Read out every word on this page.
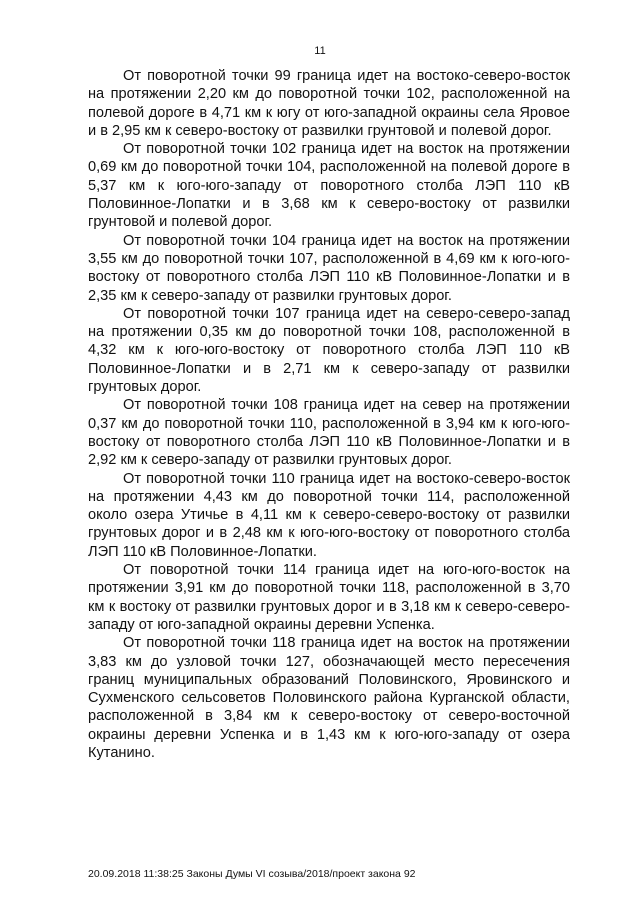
11

От поворотной точки 99 граница идет на востоко-северо-восток на протяжении 2,20 км до поворотной точки 102, расположенной на полевой дороге в 4,71 км к югу от юго-западной окраины села Яровое и в 2,95 км к северо-востоку от развилки грунтовой и полевой дорог.

От поворотной точки 102 граница идет на восток на протяжении 0,69 км до поворотной точки 104, расположенной на полевой дороге в 5,37 км к юго-юго-западу от поворотного столба ЛЭП 110 кВ Половинное-Лопатки и в 3,68 км к северо-востоку от развилки грунтовой и полевой дорог.

От поворотной точки 104 граница идет на восток на протяжении 3,55 км до поворотной точки 107, расположенной в 4,69 км к юго-юго-востоку от поворотного столба ЛЭП 110 кВ Половинное-Лопатки и в 2,35 км к северо-западу от развилки грунтовых дорог.

От поворотной точки 107 граница идет на северо-северо-запад на протяжении 0,35 км до поворотной точки 108, расположенной в 4,32 км к юго-юго-востоку от поворотного столба ЛЭП 110 кВ Половинное-Лопатки и в 2,71 км к северо-западу от развилки грунтовых дорог.

От поворотной точки 108 граница идет на север на протяжении 0,37 км до поворотной точки 110, расположенной в 3,94 км к юго-юго-востоку от поворотного столба ЛЭП 110 кВ Половинное-Лопатки и в 2,92 км к северо-западу от развилки грунтовых дорог.

От поворотной точки 110 граница идет на востоко-северо-восток на протяжении 4,43 км до поворотной точки 114, расположенной около озера Утичье в 4,11 км к северо-северо-востоку от развилки грунтовых дорог и в 2,48 км к юго-юго-востоку от поворотного столба ЛЭП 110 кВ Половинное-Лопатки.

От поворотной точки 114 граница идет на юго-юго-восток на протяжении 3,91 км до поворотной точки 118, расположенной в 3,70 км к востоку от развилки грунтовых дорог и в 3,18 км к северо-северо-западу от юго-западной окраины деревни Успенка.

От поворотной точки 118 граница идет на восток на протяжении 3,83 км до узловой точки 127, обозначающей место пересечения границ муниципальных образований Половинского, Яровинского и Сухменского сельсоветов Половинского района Курганской области, расположенной в 3,84 км к северо-востоку от северо-восточной окраины деревни Успенка и в 1,43 км к юго-юго-западу от озера Кутанино.

20.09.2018 11:38:25 Законы Думы VI созыва/2018/проект закона 92
